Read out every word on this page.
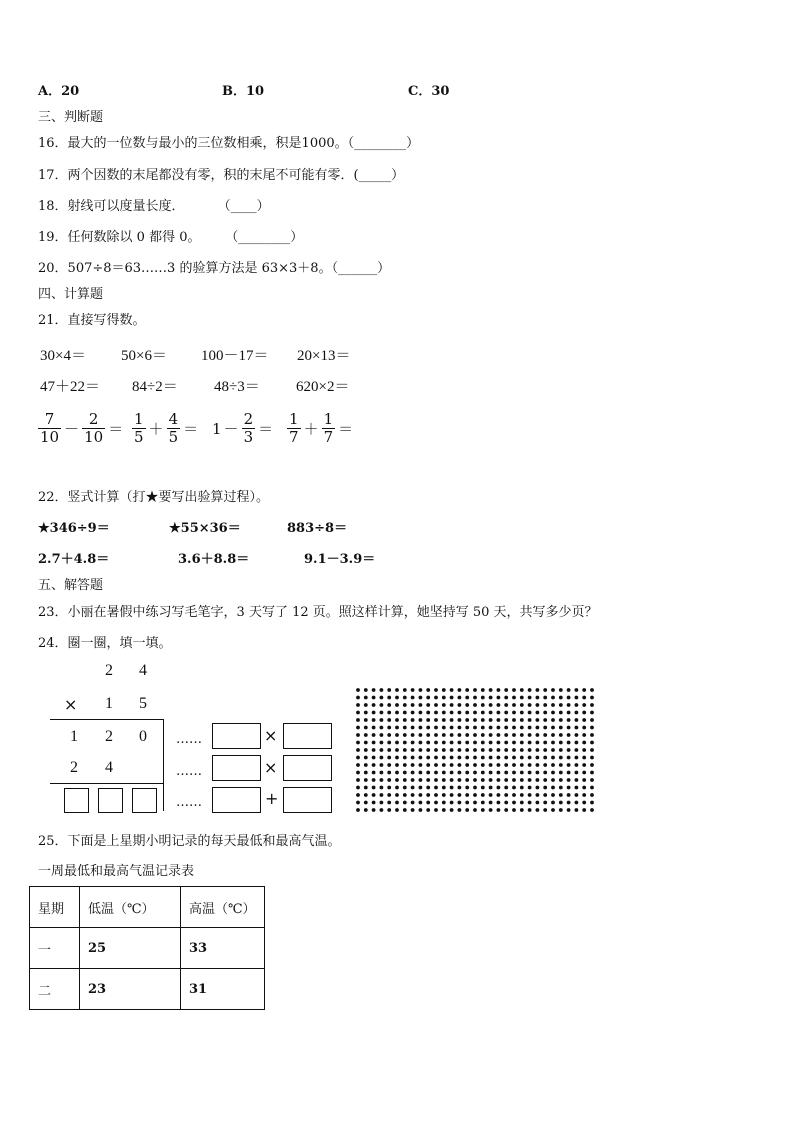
A．20	B．10	C．30
三、判断题
16．最大的一位数与最小的三位数相乘，积是1000。（________）
17．两个因数的末尾都没有零，积的末尾不可能有零．(_____）
18．射线可以度量长度．        （____）
19．任何数除以 0 都得 0。      （________）
20．507÷8＝63……3 的验算方法是 63×3＋8。（______）
四、计算题
21．直接写得数。
30×4＝ 50×6＝ 100－17＝ 20×13＝
47＋22＝ 84÷2＝ 48÷3＝ 620×2＝
$\frac{7}{10} - \frac{2}{10} = \frac{1}{5} + \frac{4}{5} = 1 - \frac{2}{3} = \frac{1}{7} + \frac{1}{7}$ ＝
22．竖式计算（打★要写出验算过程）。
★346÷9＝	★55×36＝	883÷8＝
2.7＋4.8＝	3.6＋8.8＝	9.1－3.9＝
五、解答题
23．小丽在暑假中练习写毛笔字，3 天写了 12 页。照这样计算，她坚持写 50 天，共写多少页？
24．圈一圈，填一填。
2 4
× 1 5
1 2 0
2 4
……	×
……	×
……	+
25．下面是上星期小明记录的每天最低和最高气温。
一周最低和最高气温记录表
星期	低温（℃）	高温（℃）
一	25	33
二	23	31
